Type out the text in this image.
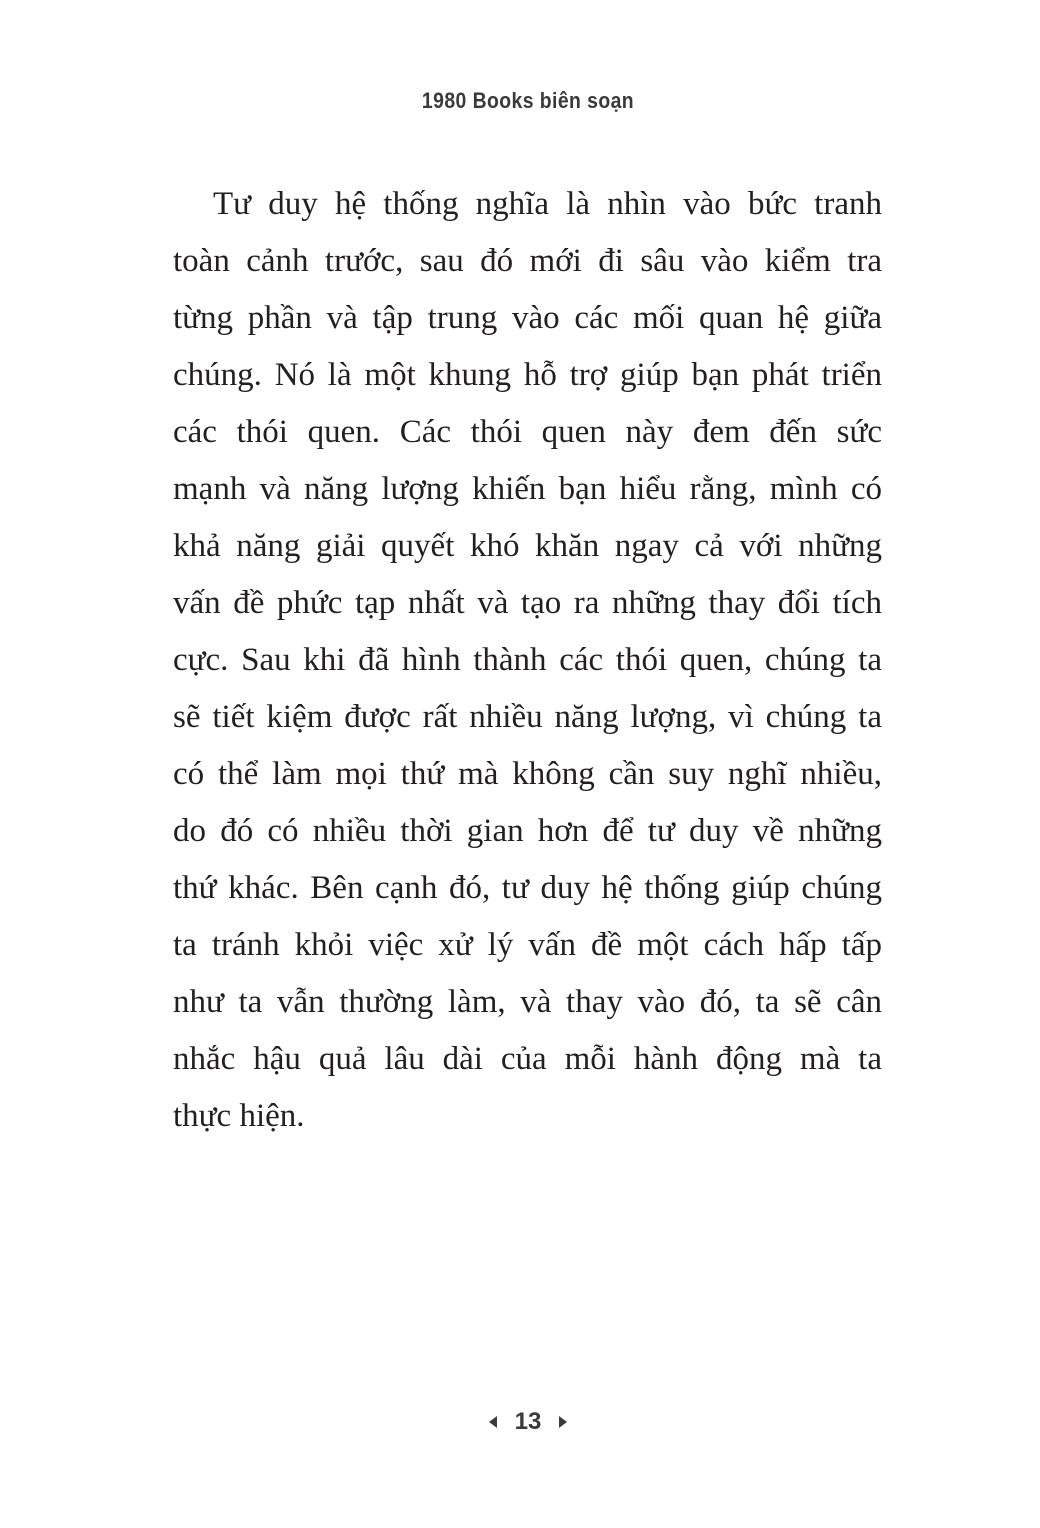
1980 Books biên soạn
Tư duy hệ thống nghĩa là nhìn vào bức tranh
toàn cảnh trước, sau đó mới đi sâu vào kiểm tra
từng phần và tập trung vào các mối quan hệ giữa
chúng. Nó là một khung hỗ trợ giúp bạn phát triển
các thói quen. Các thói quen này đem đến sức
mạnh và năng lượng khiến bạn hiểu rằng, mình có
khả năng giải quyết khó khăn ngay cả với những
vấn đề phức tạp nhất và tạo ra những thay đổi tích
cực. Sau khi đã hình thành các thói quen, chúng ta
sẽ tiết kiệm được rất nhiều năng lượng, vì chúng ta
có thể làm mọi thứ mà không cần suy nghĩ nhiều,
do đó có nhiều thời gian hơn để tư duy về những
thứ khác. Bên cạnh đó, tư duy hệ thống giúp chúng
ta tránh khỏi việc xử lý vấn đề một cách hấp tấp
như ta vẫn thường làm, và thay vào đó, ta sẽ cân
nhắc hậu quả lâu dài của mỗi hành động mà ta
thực hiện.
13
